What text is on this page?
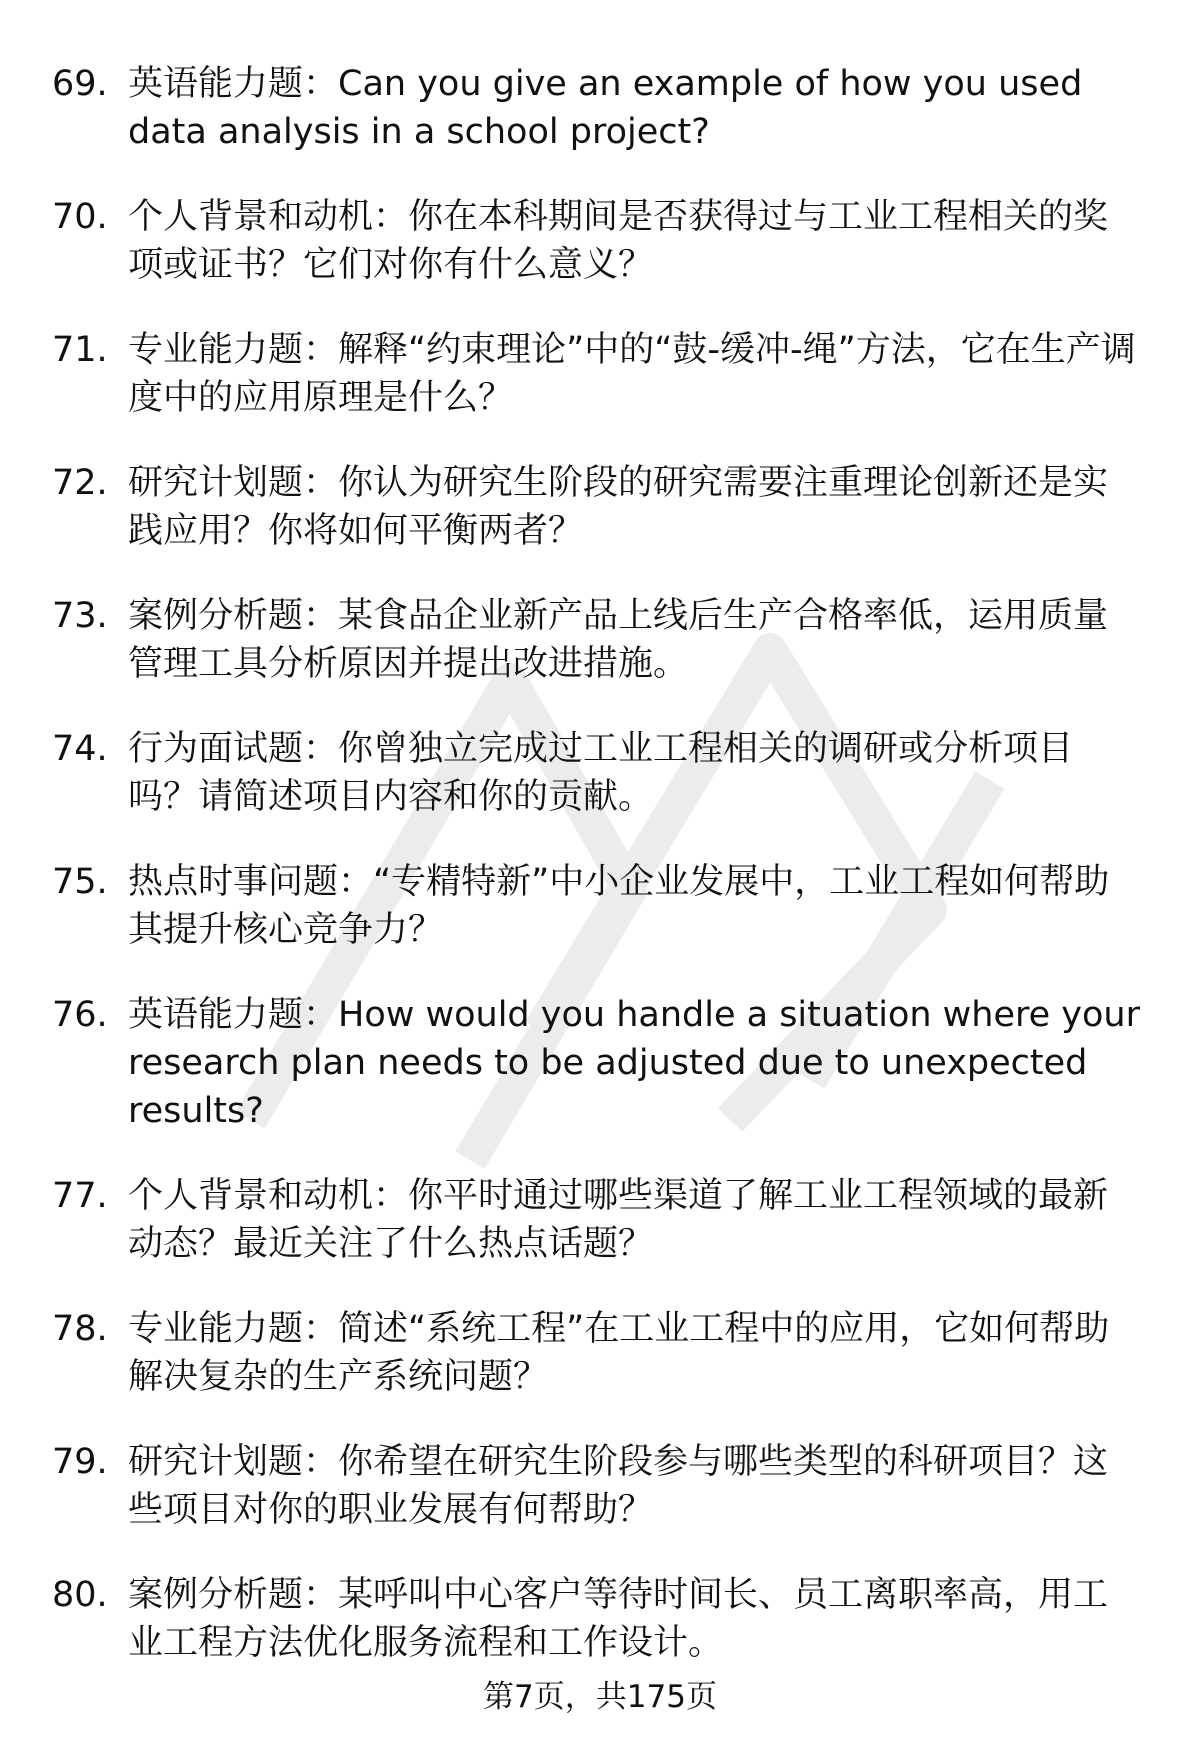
69. 英语能力题：Can you give an example of how you used data analysis in a school project?
70. 个人背景和动机：你在本科期间是否获得过与工业工程相关的奖项或证书？它们对你有什么意义？
71. 专业能力题：解释“约束理论”中的“鼓-缓冲-绳”方法，它在生产调度中的应用原理是什么？
72. 研究计划题：你认为研究生阶段的研究需要注重理论创新还是实践应用？你将如何平衡两者？
73. 案例分析题：某食品企业新产品上线后生产合格率低，运用质量管理工具分析原因并提出改进措施。
74. 行为面试题：你曾独立完成过工业工程相关的调研或分析项目吗？请简述项目内容和你的贡献。
75. 热点时事问题：“专精特新”中小企业发展中，工业工程如何帮助其提升核心竞争力？
76. 英语能力题：How would you handle a situation where your research plan needs to be adjusted due to unexpected results?
77. 个人背景和动机：你平时通过哪些渠道了解工业工程领域的最新动态？最近关注了什么热点话题？
78. 专业能力题：简述“系统工程”在工业工程中的应用，它如何帮助解决复杂的生产系统问题？
79. 研究计划题：你希望在研究生阶段参与哪些类型的科研项目？这些项目对你的职业发展有何帮助？
80. 案例分析题：某呼叫中心客户等待时间长、员工离职率高，用工业工程方法优化服务流程和工作设计。
第7页，共175页
